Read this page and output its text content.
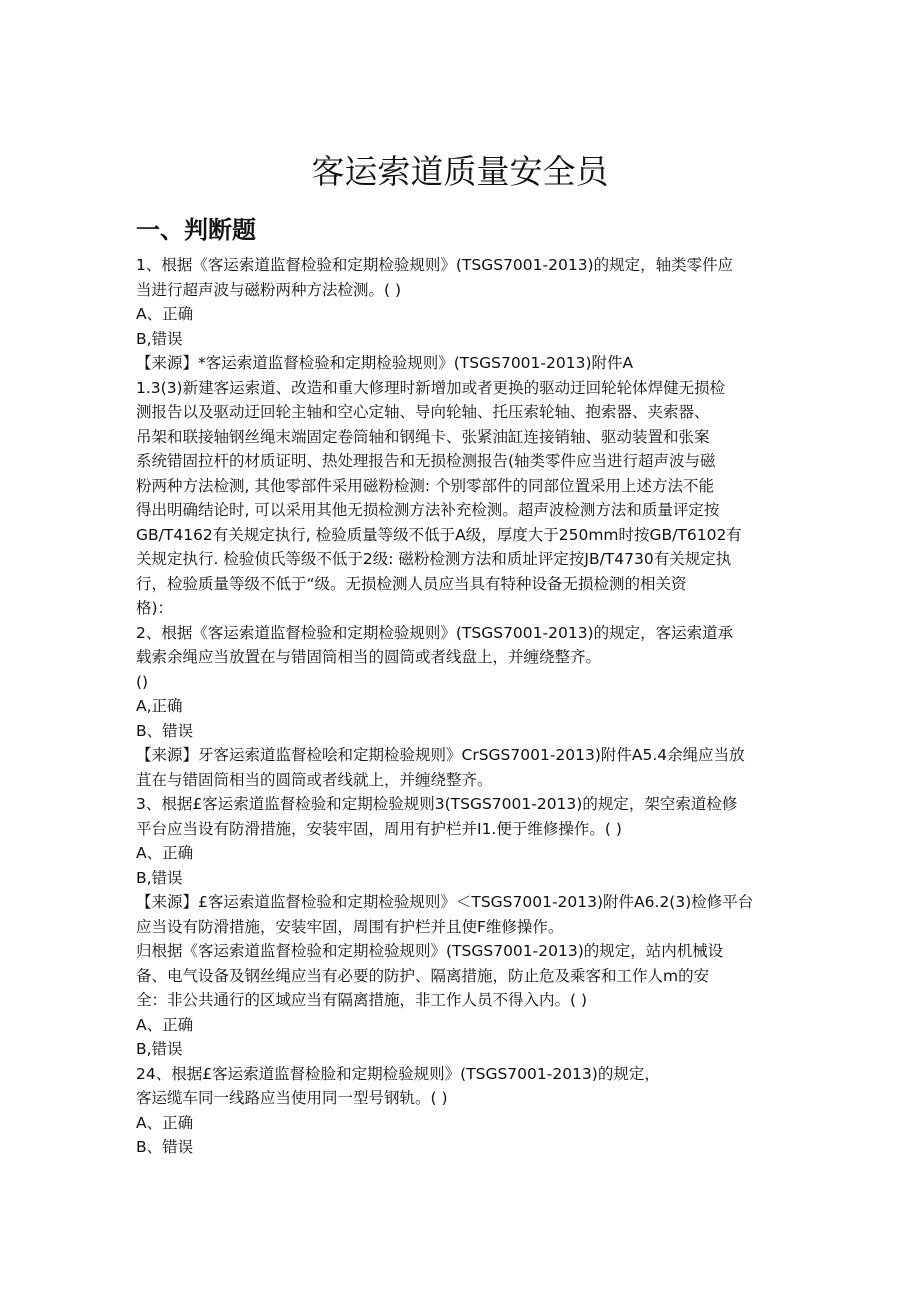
客运索道质量安全员
一、判断题
1、根据《客运索道监督检验和定期检验规则》(TSGS7001-2013)的规定，轴类零件应
当进行超声波与磁粉两种方法检测。( )
A、正确
B,错误
【来源】*客运索道监督检验和定期检验规则》(TSGS7001-2013)附件A
1.3(3)新建客运索道、改造和重大修理时新增加或者更换的驱动迂回轮轮体焊健无损检
测报告以及驱动迂回轮主轴和空心定轴、导向轮轴、托压索轮轴、抱索器、夹索器、
吊架和联接轴钢丝绳末端固定卷筒轴和钢绳卡、张紧油缸连接销轴、驱动装置和张案
系统错固拉杆的材质证明、热处理报告和无损检测报告(轴类零件应当进行超声波与磁
粉两种方法检测, 其他零部件采用磁粉检测: 个别零部件的同部位置采用上述方法不能
得出明确结论时, 可以采用其他无损检测方法补充检测。超声波检测方法和质量评定按
GB/T4162有关规定执行, 检验质量等级不低于A级，厚度大于250mm时按GB/T6102有
关规定执行. 检验侦氏等级不低于2级: 磁粉检测方法和质址评定按JB/T4730有关规定执
行，检验质量等级不低于“级。无损检测人员应当具有特种设备无损检测的相关资
格)：
2、根据《客运索道监督检验和定期检验规则》(TSGS7001-2013)的规定，客运索道承
载索余绳应当放置在与错固筒相当的圆筒或者线盘上，并缠绕整齐。
()
A,正确
B、错误
【来源】牙客运索道监督检哙和定期检验规则》CrSGS7001-2013)附件A5.4余绳应当放
苴在与错固筒相当的圆筒或者线就上，并缠绕整齐。
3、根据£客运索道监督检验和定期检验规则3(TSGS7001-2013)的规定，架空索道检修
平台应当设有防滑措施，安装牢固，周用有护栏并I1.便于维修操作。( )
A、正确
B,错误
【来源】£客运索道监督检验和定期检验规则》＜TSGS7001-2013)附件A6.2(3)检修平台
应当设有防滑措施，安装牢固，周围有护栏并且使F维修操作。
归根据《客运索道监督检验和定期检验规则》(TSGS7001-2013)的规定，站内机械设
备、电气设备及钢丝绳应当有必要的防护、隔离措施，防止危及乘客和工作人m的安
全：非公共通行的区域应当有隔离措施，非工作人员不得入内。( )
A、正确
B,错误
24、根据£客运索道监督检脸和定期检验规则》(TSGS7001-2013)的规定，
客运缆车同一线路应当使用同一型号钢轨。( )
A、正确
B、错误
